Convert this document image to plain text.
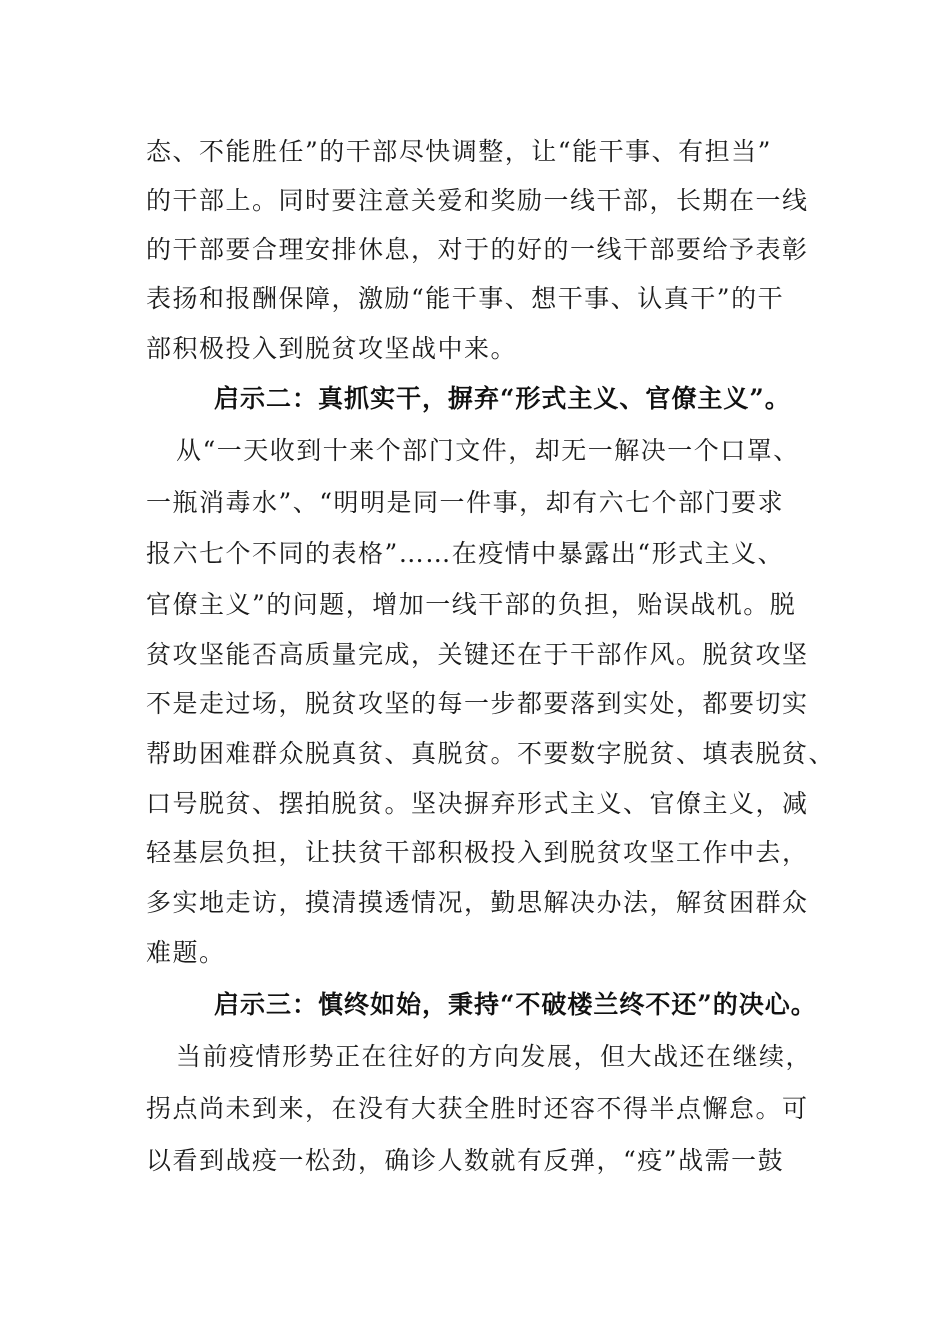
态、不能胜任”的干部尽快调整，让“能干事、有担当”
的干部上。同时要注意关爱和奖励一线干部，长期在一线
的干部要合理安排休息，对于的好的一线干部要给予表彰
表扬和报酬保障，激励“能干事、想干事、认真干”的干
部积极投入到脱贫攻坚战中来。
启示二：真抓实干，摒弃“形式主义、官僚主义”。
从“一天收到十来个部门文件，却无一解决一个口罩、
一瓶消毒水”、“明明是同一件事，却有六七个部门要求
报六七个不同的表格”……在疫情中暴露出“形式主义、
官僚主义”的问题，增加一线干部的负担，贻误战机。脱
贫攻坚能否高质量完成，关键还在于干部作风。脱贫攻坚
不是走过场，脱贫攻坚的每一步都要落到实处，都要切实
帮助困难群众脱真贫、真脱贫。不要数字脱贫、填表脱贫、
口号脱贫、摆拍脱贫。坚决摒弃形式主义、官僚主义，减
轻基层负担，让扶贫干部积极投入到脱贫攻坚工作中去，
多实地走访，摸清摸透情况，勤思解决办法，解贫困群众
难题。
启示三：慎终如始，秉持“不破楼兰终不还”的决心。
当前疫情形势正在往好的方向发展，但大战还在继续，
拐点尚未到来，在没有大获全胜时还容不得半点懈怠。可
以看到战疫一松劲，确诊人数就有反弹，“疫”战需一鼓
